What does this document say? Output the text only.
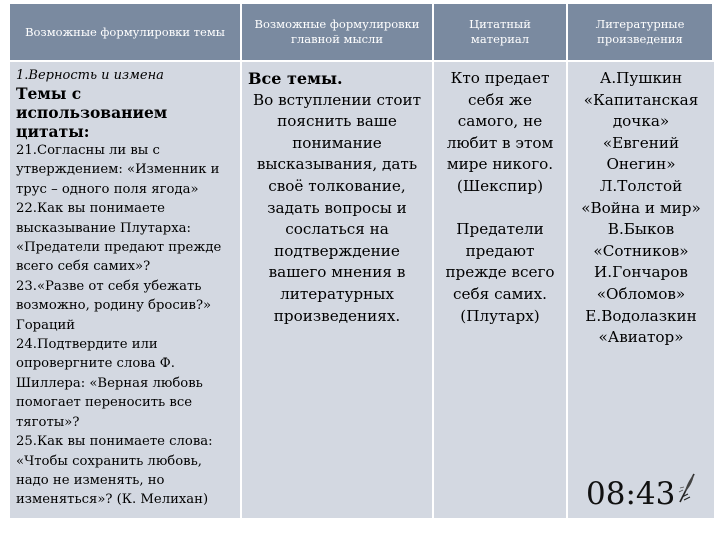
Возможные формулировки темы
Возможные формулировки главной мысли
Цитатный материал
Литературные произведения
1.Верность и измена
Темы с использованием цитаты:

21.Согласны ли вы с утверждением: «Изменник и трус – одного поля ягода»

22.Как вы понимаете высказывание Плутарха: «Предатели предают прежде всего себя самих»?

23.«Разве от себя убежать возможно, родину бросив?» Гораций

24.Подтвердите или опровергните слова Ф. Шиллера: «Верная любовь помогает переносить все тяготы»?

25.Как вы понимаете слова: «Чтобы сохранить любовь, надо не изменять, но изменяться»? (К. Мелихан)

Все темы.
Во вступлении стоит пояснить ваше понимание высказывания, дать своё толкование, задать вопросы и сослаться на подтверждение вашего мнения в литературных произведениях.
Кто предает себя же самого, не любит в этом мире никого. (Шекспир)
Предатели предают прежде всего себя самих. (Плутарх)
А.Пушкин
«Капитанская дочка»
«Евгений Онегин»
Л.Толстой
«Война и мир»
В.Быков
«Сотников»
И.Гончаров
«Обломов»
Е.Водолазкин
«Авиатор»
08:43
